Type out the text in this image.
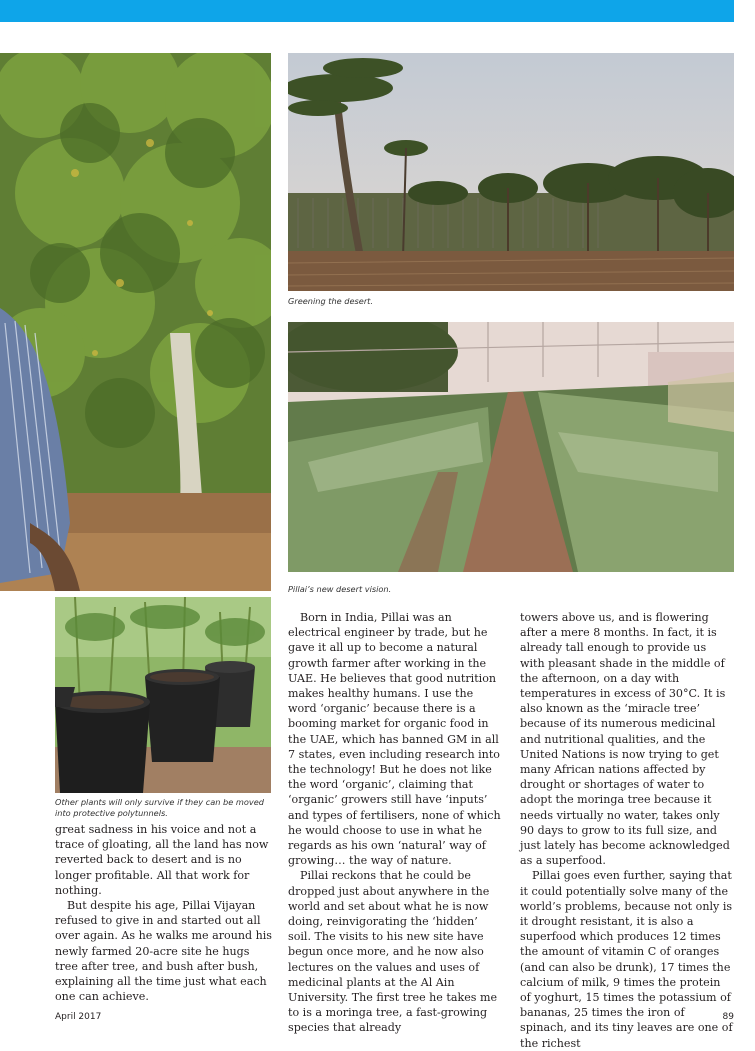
Greening the desert.
Pillai’s new desert vision.
Other plants will only survive if they can be moved
into protective polytunnels.

great sadness in his voice and not a trace of gloating, all the land has now reverted back to desert and is no longer profitable. All that work for nothing.

But despite his age, Pillai Vijayan refused to give in and started out all over again. As he walks me around his newly farmed 20-acre site he hugs tree after tree, and bush after bush, explaining all the time just what each one can achieve.

Born in India, Pillai was an electrical engineer by trade, but he gave it all up to become a natural growth farmer after working in the UAE. He believes that good nutrition makes healthy humans. I use the word ‘organic’ because there is a booming market for organic food in the UAE, which has banned GM in all 7 states, even including research into the technology! But he does not like the word ‘organic’, claiming that ‘organic’ growers still have ‘inputs’ and types of fertilisers, none of which he would choose to use in what he regards as his own ‘natural’ way of growing… the way of nature.

Pillai reckons that he could be dropped just about anywhere in the world and set about what he is now doing, reinvigorating the ‘hidden’ soil. The visits to his new site have begun once more, and he now also lectures on the values and uses of medicinal plants at the Al Ain University. The first tree he takes me to is a moringa tree, a fast-growing species that already

towers above us, and is flowering after a mere 8 months. In fact, it is already tall enough to provide us with pleasant shade in the middle of the afternoon, on a day with temperatures in excess of 30°C. It is also known as the ‘miracle tree’ because of its numerous medicinal and nutritional qualities, and the United Nations is now trying to get many African nations affected by drought or shortages of water to adopt the moringa tree because it needs virtually no water, takes only 90 days to grow to its full size, and just lately has become acknowledged as a superfood.

Pillai goes even further, saying that it could potentially solve many of the world’s problems, because not only is it drought resistant, it is also a superfood which produces 12 times the amount of vitamin C of oranges (and can also be drunk), 17 times the calcium of milk, 9 times the protein of yoghurt, 15 times the potassium of bananas, 25 times the iron of spinach, and its tiny leaves are one of the richest

April 2017	89
